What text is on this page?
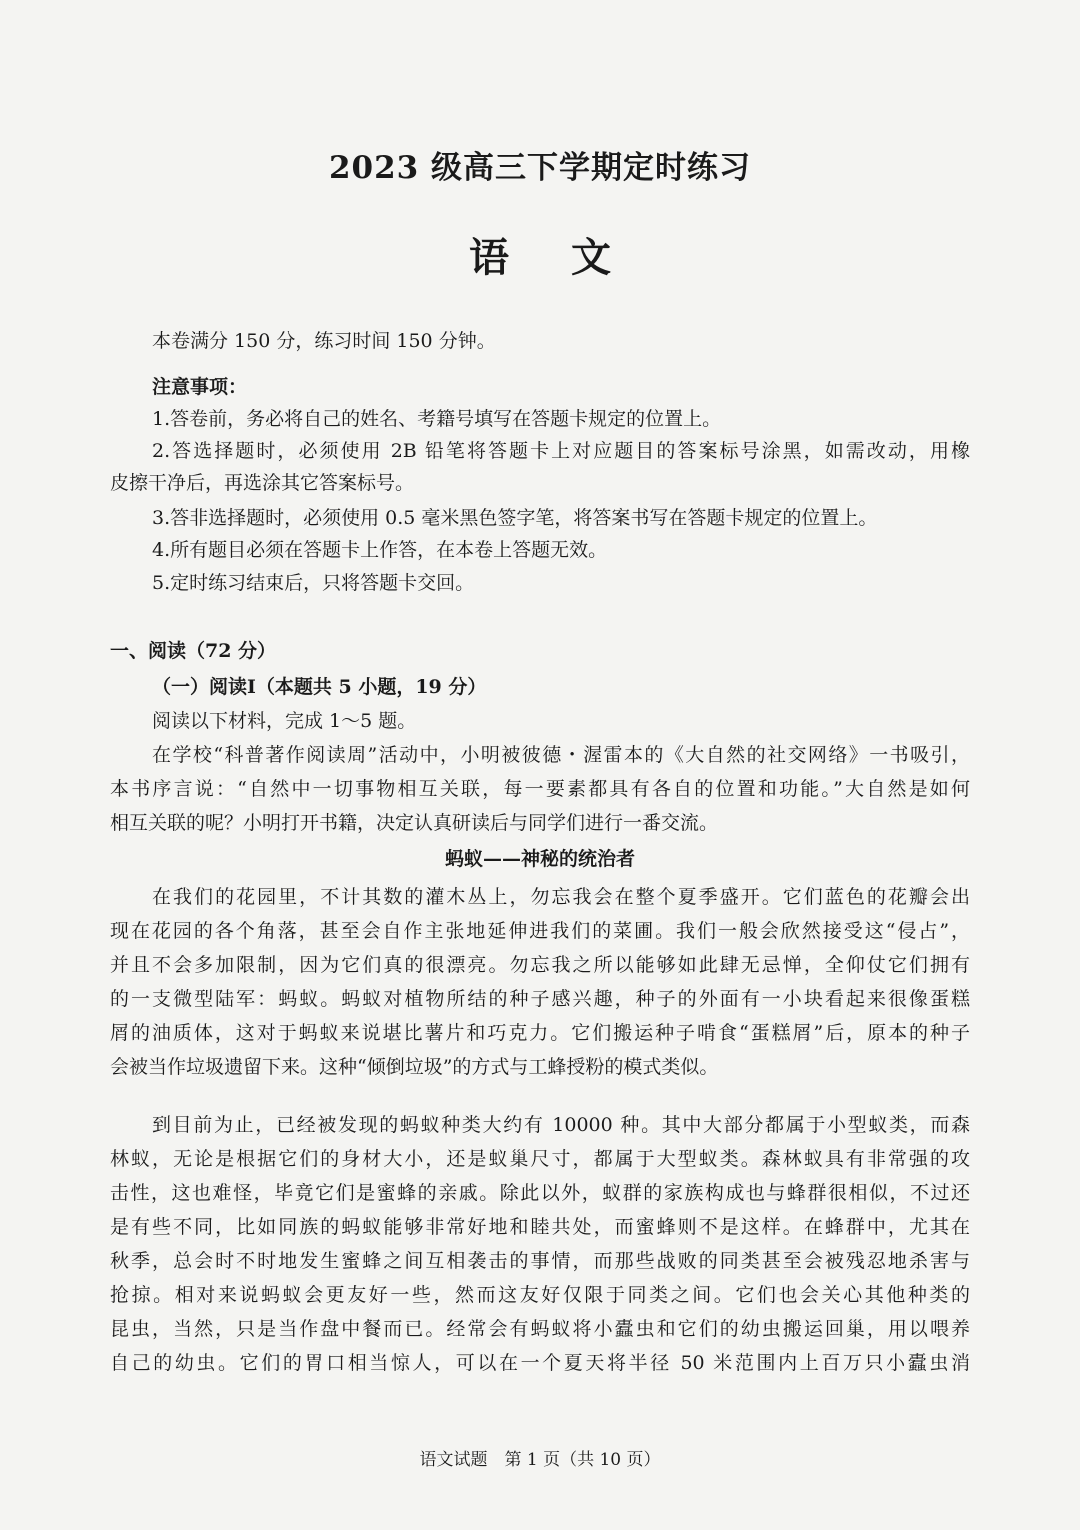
2023 级高三下学期定时练习
语 文
本卷满分 150 分，练习时间 150 分钟。
注意事项：
1.答卷前，务必将自己的姓名、考籍号填写在答题卡规定的位置上。
2.答选择题时，必须使用 2B 铅笔将答题卡上对应题目的答案标号涂黑，如需改动，用橡
皮擦干净后，再选涂其它答案标号。
3.答非选择题时，必须使用 0.5 毫米黑色签字笔，将答案书写在答题卡规定的位置上。
4.所有题目必须在答题卡上作答，在本卷上答题无效。
5.定时练习结束后，只将答题卡交回。
一、阅读（72 分）
（一）阅读Ⅰ（本题共 5 小题，19 分）
阅读以下材料，完成 1～5 题。
在学校“科普著作阅读周”活动中，小明被彼德・渥雷本的《大自然的社交网络》一书吸引，
本书序言说：“自然中一切事物相互关联，每一要素都具有各自的位置和功能。”大自然是如何
相互关联的呢？小明打开书籍，决定认真研读后与同学们进行一番交流。
蚂蚁——神秘的统治者
在我们的花园里，不计其数的灌木丛上，勿忘我会在整个夏季盛开。它们蓝色的花瓣会出
现在花园的各个角落，甚至会自作主张地延伸进我们的菜圃。我们一般会欣然接受这“侵占”，
并且不会多加限制，因为它们真的很漂亮。勿忘我之所以能够如此肆无忌惮，全仰仗它们拥有
的一支微型陆军：蚂蚁。蚂蚁对植物所结的种子感兴趣，种子的外面有一小块看起来很像蛋糕
屑的油质体，这对于蚂蚁来说堪比薯片和巧克力。它们搬运种子啃食“蛋糕屑”后，原本的种子
会被当作垃圾遗留下来。这种“倾倒垃圾”的方式与工蜂授粉的模式类似。
到目前为止，已经被发现的蚂蚁种类大约有 10000 种。其中大部分都属于小型蚁类，而森
林蚁，无论是根据它们的身材大小，还是蚁巢尺寸，都属于大型蚁类。森林蚁具有非常强的攻
击性，这也难怪，毕竟它们是蜜蜂的亲戚。除此以外，蚁群的家族构成也与蜂群很相似，不过还
是有些不同，比如同族的蚂蚁能够非常好地和睦共处，而蜜蜂则不是这样。在蜂群中，尤其在
秋季，总会时不时地发生蜜蜂之间互相袭击的事情，而那些战败的同类甚至会被残忍地杀害与
抢掠。相对来说蚂蚁会更友好一些，然而这友好仅限于同类之间。它们也会关心其他种类的
昆虫，当然，只是当作盘中餐而已。经常会有蚂蚁将小蠹虫和它们的幼虫搬运回巢，用以喂养
自己的幼虫。它们的胃口相当惊人，可以在一个夏天将半径 50 米范围内上百万只小蠹虫消
语文试题　第 1 页（共 10 页）
